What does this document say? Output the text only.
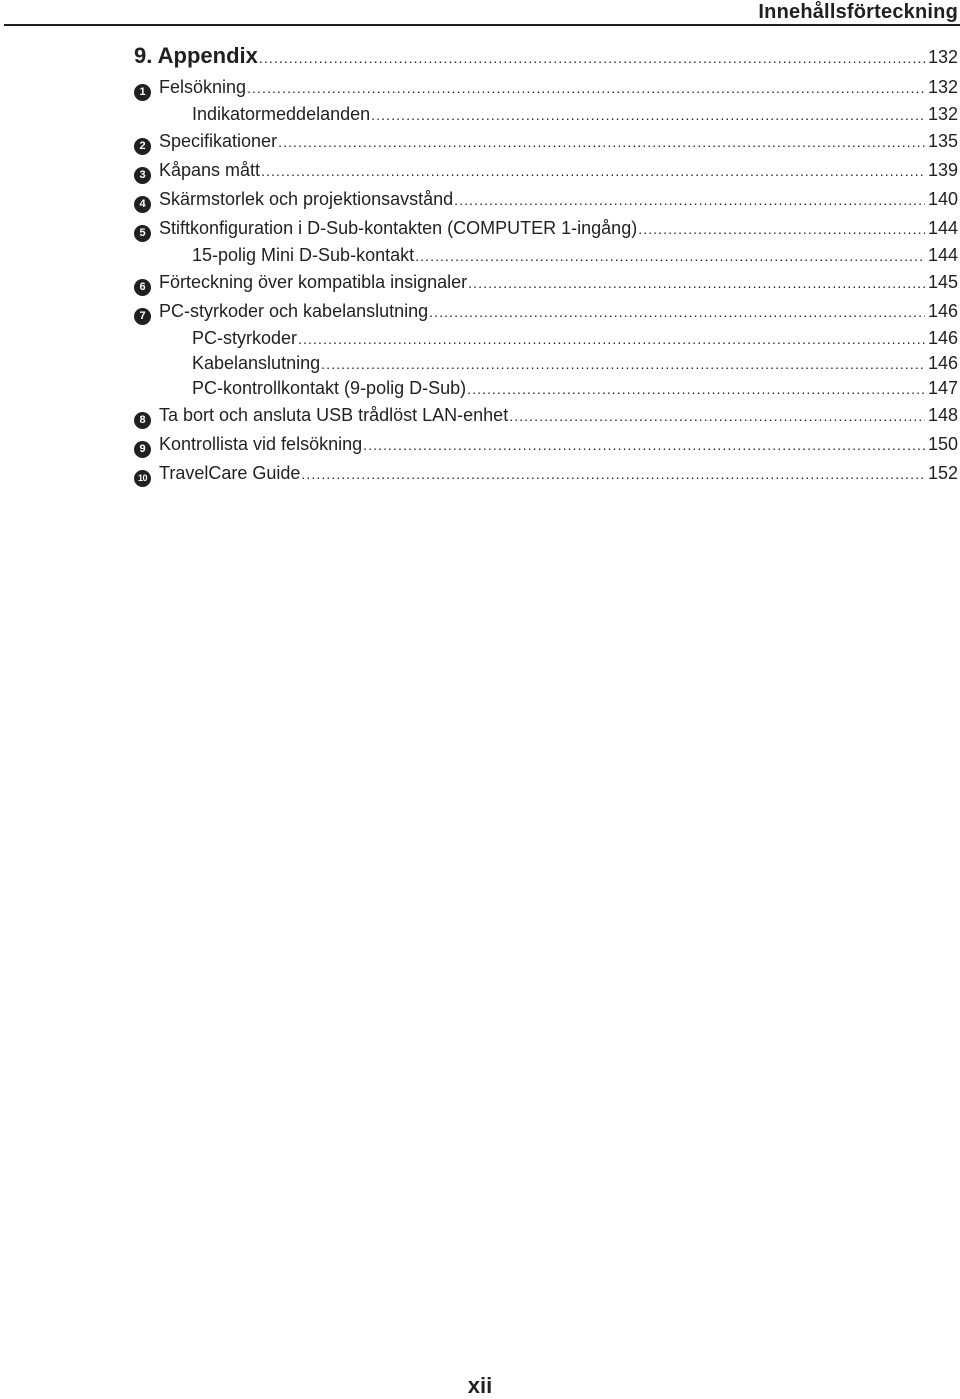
Innehållsförteckning
9. Appendix .....	132
1 Felsökning .....	132
Indikatormeddelanden .....	132
2 Specifikationer .....	135
3 Kåpans mått .....	139
4 Skärmstorlek och projektionsavstånd .....	140
5 Stiftkonfiguration i D-Sub-kontakten (COMPUTER 1-ingång) .....	144
15-polig Mini D-Sub-kontakt .....	144
6 Förteckning över kompatibla insignaler .....	145
7 PC-styrkoder och kabelanslutning .....	146
PC-styrkoder .....	146
Kabelanslutning .....	146
PC-kontrollkontakt (9-polig D-Sub) .....	147
8 Ta bort och ansluta USB trådlöst LAN-enhet .....	148
9 Kontrollista vid felsökning .....	150
10 TravelCare Guide .....	152
xii
